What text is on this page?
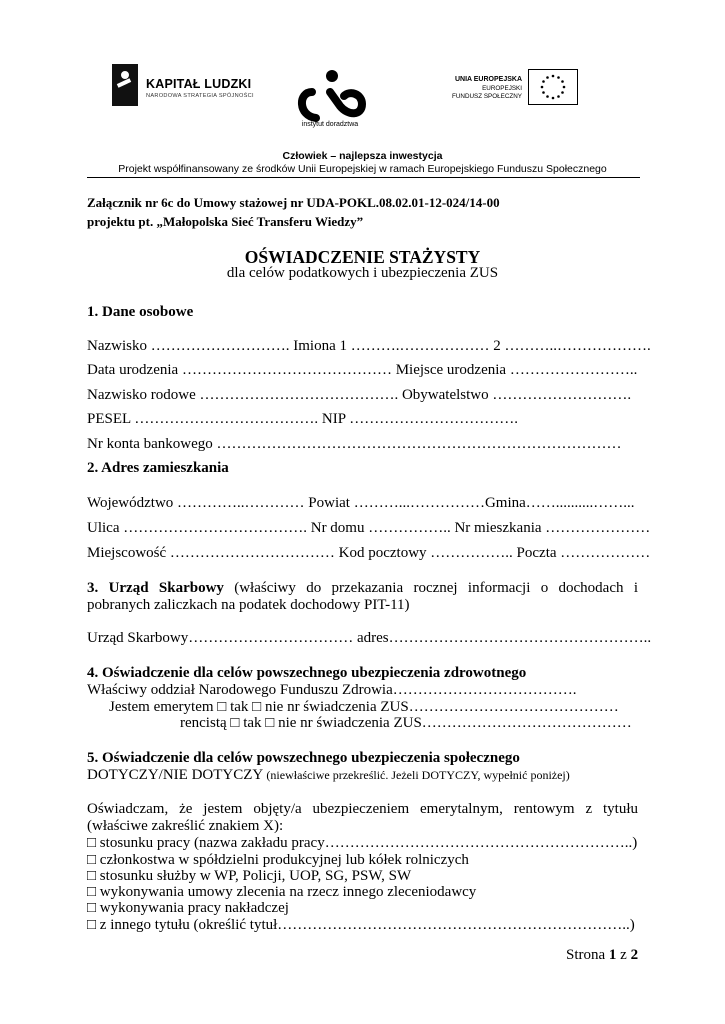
KAPITAŁ LUDZKI
NARODOWA STRATEGIA SPÓJNOŚCI
instytut doradztwa
UNIA EUROPEJSKA
EUROPEJSKI
FUNDUSZ SPOŁECZNY
Człowiek – najlepsza inwestycja
Projekt współfinansowany ze środków Unii Europejskiej w ramach Europejskiego Funduszu Społecznego
Załącznik nr 6c do Umowy stażowej nr UDA-POKL.08.02.01-12-024/14-00
projektu pt. „Małopolska Sieć Transferu Wiedzy”
OŚWIADCZENIE STAŻYSTY
dla celów podatkowych i ubezpieczenia ZUS
1. Dane osobowe
Nazwisko ………………………. Imiona 1 ……….……………… 2 ………..……………….
Data urodzenia …………………………………… Miejsce urodzenia ……………………..
Nazwisko rodowe …………………………………. Obywatelstwo ……………………….
PESEL ………………………………. NIP …………………………….
Nr konta bankowego ………………………………………………………………………
2. Adres zamieszkania
Województwo …………..………… Powiat ………...……………Gmina……..........……...
Ulica ………………………………. Nr domu …………….. Nr mieszkania …………………
Miejscowość …………………………… Kod pocztowy …………….. Poczta ………………
3. Urząd Skarbowy (właściwy do przekazania rocznej informacji o dochodach i pobranych zaliczkach na podatek dochodowy PIT-11)
Urząd Skarbowy…………………………… adres……………………………………………..
4. Oświadczenie dla celów powszechnego ubezpieczenia zdrowotnego
Właściwy oddział Narodowego Funduszu Zdrowia……………………………….
Jestem emerytem □ tak □ nie nr świadczenia ZUS……………………………………
rencistą □ tak □ nie nr świadczenia ZUS……………………………………
5. Oświadczenie dla celów powszechnego ubezpieczenia społecznego
DOTYCZY/NIE DOTYCZY (niewłaściwe przekreślić. Jeżeli DOTYCZY, wypełnić poniżej)
Oświadczam, że jestem objęty/a ubezpieczeniem emerytalnym, rentowym z tytułu (właściwe zakreślić znakiem X):
□ stosunku pracy (nazwa zakładu pracy……………………………………………………..)
□ członkostwa w spółdzielni produkcyjnej lub kółek rolniczych
□ stosunku służby w WP, Policji, UOP, SG, PSW, SW
□ wykonywania umowy zlecenia na rzecz innego zleceniodawcy
□ wykonywania pracy nakładczej
□ z innego tytułu (określić tytuł……………………………………………………………..)
Strona 1 z 2
